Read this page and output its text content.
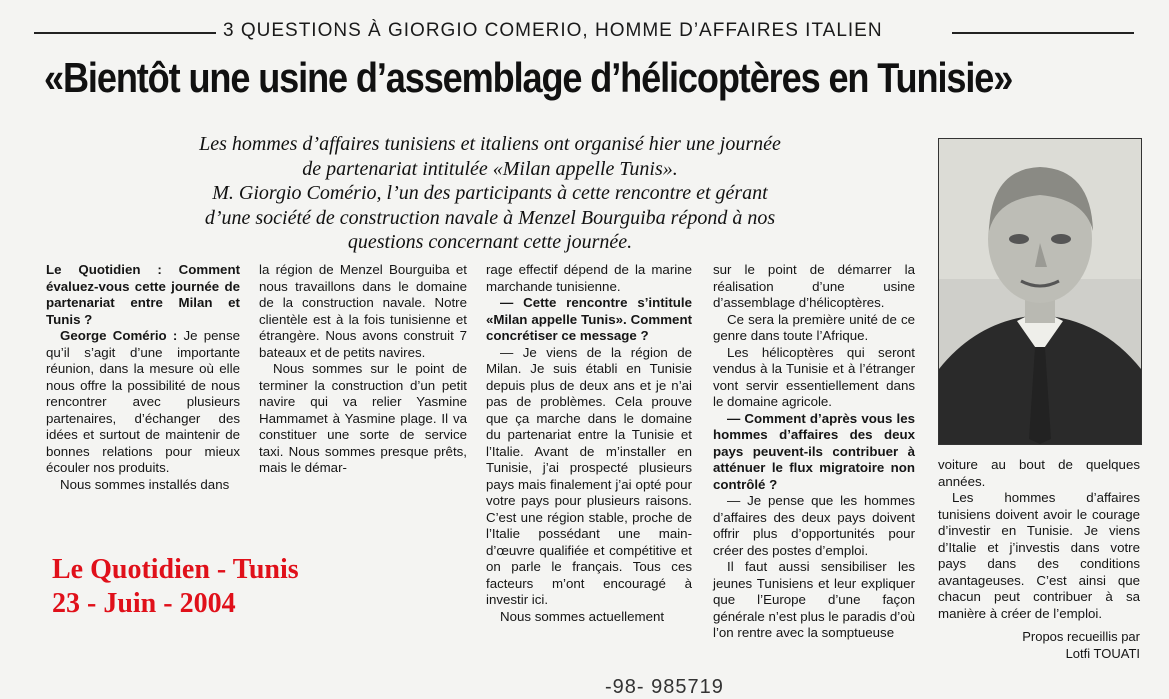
3 QUESTIONS À GIORGIO COMERIO, HOMME D’AFFAIRES ITALIEN
«Bientôt une usine d’assemblage d’hélicoptères en Tunisie»

Les hommes d’affaires tunisiens et italiens ont organisé hier une journée

de partenariat intitulée «Milan appelle Tunis».

M. Giorgio Comério, l’un des participants à cette rencontre et gérant

d’une société de construction navale à Menzel Bourguiba répond à nos

questions concernant cette journée.

Le Quotidien : Comment évaluez-vous cette journée de partenariat entre Milan et Tunis ?

George Comério : Je pense qu’il s’agit d’une importante réunion, dans la mesure où elle nous offre la possibilité de nous rencontrer avec plusieurs partenaires, d’échanger des idées et surtout de maintenir de bonnes relations pour mieux écouler nos produits.

Nous sommes installés dans

la région de Menzel Bourguiba et nous travaillons dans le domaine de la construction navale. Notre clientèle est à la fois tunisienne et étrangère. Nous avons construit 7 bateaux et de petits navires.

Nous sommes sur le point de terminer la construction d’un petit navire qui va relier Yasmine Hammamet à Yasmine plage. Il va constituer une sorte de service taxi. Nous sommes presque prêts, mais le démar-

rage effectif dépend de la marine marchande tunisienne.

— Cette rencontre s’intitule «Milan appelle Tunis». Comment concrétiser ce message ?

— Je viens de la région de Milan. Je suis établi en Tunisie depuis plus de deux ans et je n’ai pas de problèmes. Cela prouve que ça marche dans le domaine du partenariat entre la Tunisie et l’Italie. Avant de m’installer en Tunisie, j’ai prospecté plusieurs pays mais finalement j’ai opté pour votre pays pour plusieurs raisons. C’est une région stable, proche de l’Italie possédant une main-d’œuvre qualifiée et compétitive et on parle le français. Tous ces facteurs m’ont encouragé à investir ici.

Nous sommes actuellement

sur le point de démarrer la réalisation d’une usine d’assemblage d’hélicoptères.

Ce sera la première unité de ce genre dans toute l’Afrique.

Les hélicoptères qui seront vendus à la Tunisie et à l’étranger vont servir essentiellement dans le domaine agricole.

— Comment d’après vous les hommes d’affaires des deux pays peuvent-ils contribuer à atténuer le flux migratoire non contrôlé ?

— Je pense que les hommes d’affaires des deux pays doivent offrir plus d’opportunités pour créer des postes d’emploi.

Il faut aussi sensibiliser les jeunes Tunisiens et leur expliquer que l’Europe d’une façon générale n’est plus le paradis d’où l’on rentre avec la somptueuse

voiture au bout de quelques années.

Les hommes d’affaires tunisiens doivent avoir le courage d’investir en Tunisie. Je viens d’Italie et j’investis dans votre pays dans des conditions avantageuses. C’est ainsi que chacun peut contribuer à sa manière à créer de l’emploi.

Propos recueillis par
Lotfi TOUATI
Le Quotidien - Tunis
23 - Juin - 2004
-98- 985719
